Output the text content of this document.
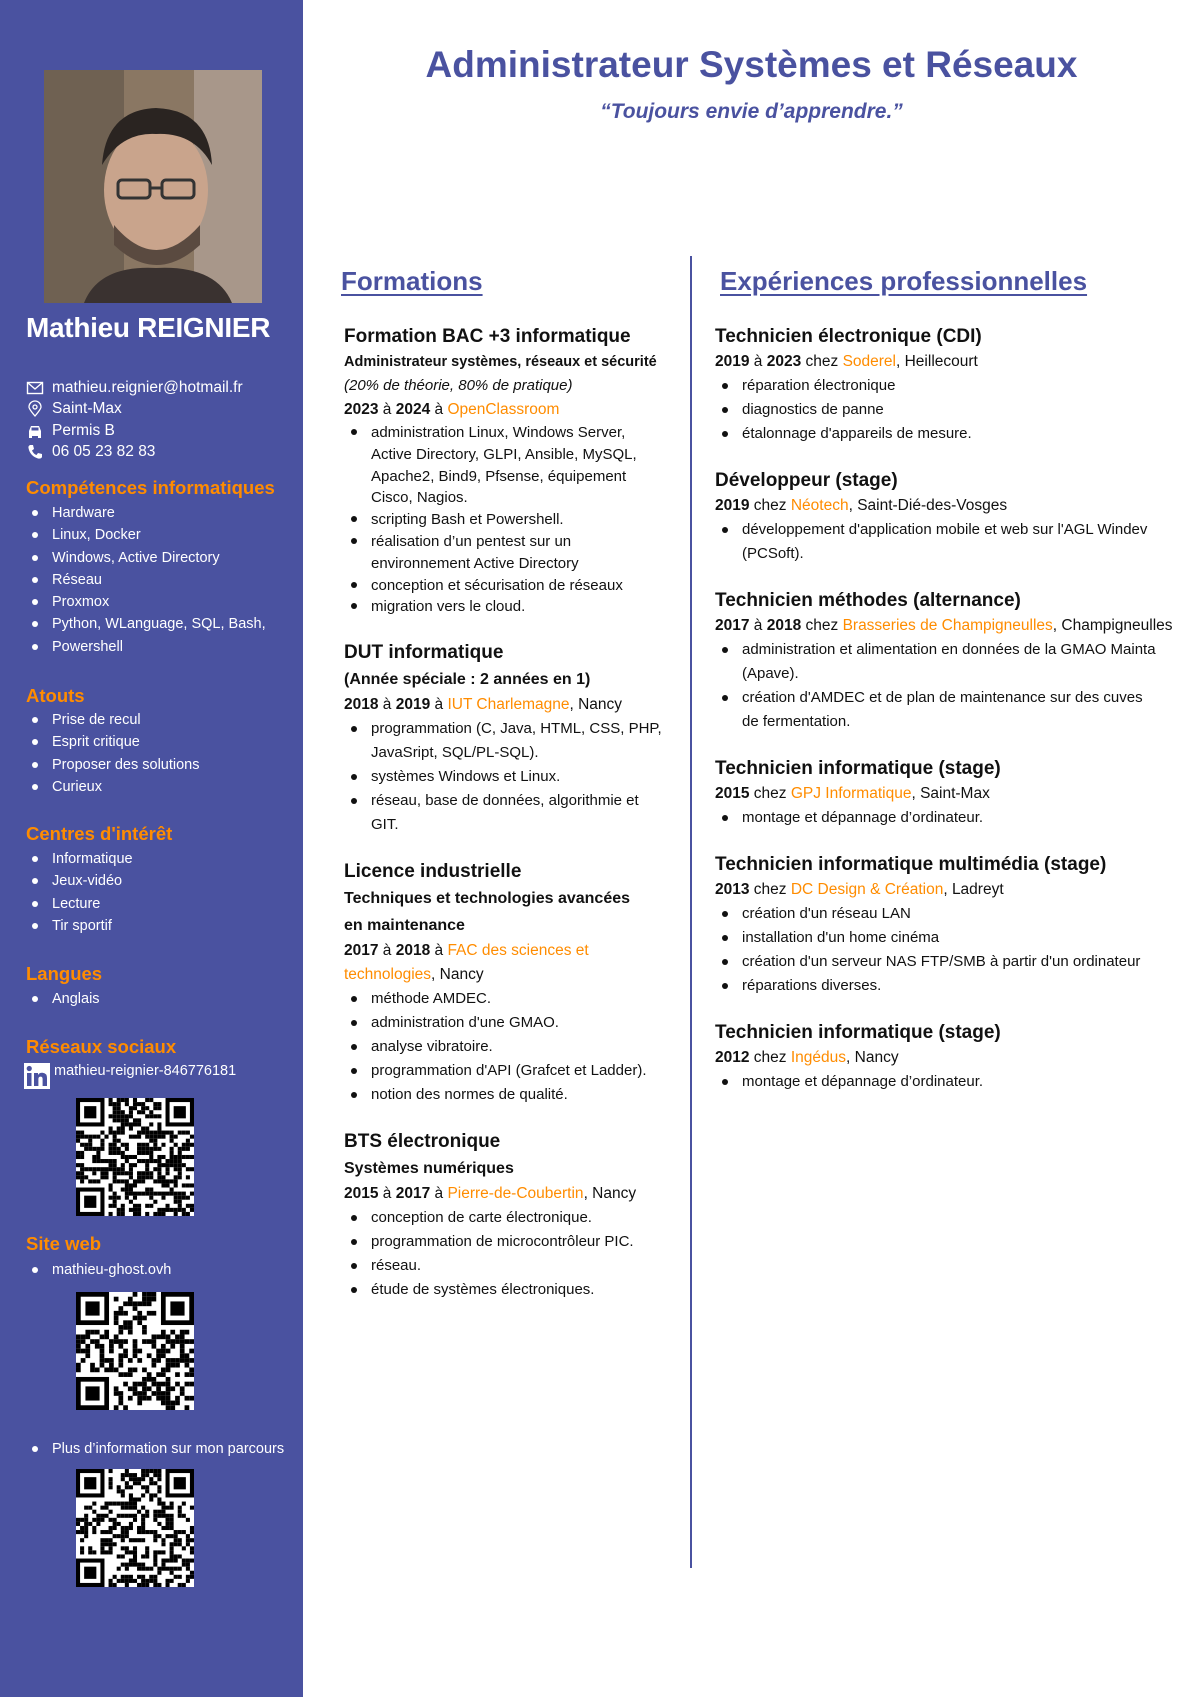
Mathieu REIGNIER
mathieu.reignier@hotmail.fr
Saint-Max
Permis B
06 05 23 82 83
Compétences informatiques
Hardware
Linux, Docker
Windows, Active Directory
Réseau
Proxmox
Python, WLanguage, SQL, Bash,
Powershell
Atouts
Prise de recul
Esprit critique
Proposer des solutions
Curieux
Centres d'intérêt
Informatique
Jeux-vidéo
Lecture
Tir sportif
Langues
Anglais
Réseaux sociaux
mathieu-reignier-846776181
Site web
mathieu-ghost.ovh
Plus d’information sur mon parcours
Administrateur Systèmes et Réseaux
“Toujours envie d’apprendre.”
Formations	Expériences professionnelles
Formation BAC +3 informatique
Administrateur systèmes, réseaux et sécurité
(20% de théorie, 80% de pratique)
2023 à 2024 à OpenClassroom
administration Linux, Windows Server,
Active Directory, GLPI, Ansible, MySQL,
Apache2, Bind9, Pfsense, équipement
Cisco, Nagios.
scripting Bash et Powershell.
réalisation d’un pentest sur un
environnement Active Directory
conception et sécurisation de réseaux
migration vers le cloud.
DUT informatique
(Année spéciale : 2 années en 1)
2018 à 2019 à IUT Charlemagne, Nancy
programmation (C, Java, HTML, CSS, PHP,
JavaSript, SQL/PL-SQL).
systèmes Windows et Linux.
réseau, base de données, algorithmie et
GIT.
Licence industrielle
Techniques et technologies avancées
en maintenance
2017 à 2018 à FAC des sciences et
technologies, Nancy
méthode AMDEC.
administration d'une GMAO.
analyse vibratoire.
programmation d'API (Grafcet et Ladder).
notion des normes de qualité.
BTS électronique
Systèmes numériques
2015 à 2017 à Pierre-de-Coubertin, Nancy
conception de carte électronique.
programmation de microcontrôleur PIC.
réseau.
étude de systèmes électroniques.
Technicien électronique (CDI)
2019 à 2023 chez Soderel, Heillecourt
réparation électronique
diagnostics de panne
étalonnage d'appareils de mesure.
Développeur (stage)
2019 chez Néotech, Saint-Dié-des-Vosges
développement d'application mobile et web sur l'AGL Windev
(PCSoft).
Technicien méthodes (alternance)
2017 à 2018 chez Brasseries de Champigneulles, Champigneulles
administration et alimentation en données de la GMAO Mainta
(Apave).
création d'AMDEC et de plan de maintenance sur des cuves
de fermentation.
Technicien informatique (stage)
2015 chez GPJ Informatique, Saint-Max
montage et dépannage d’ordinateur.
Technicien informatique multimédia (stage)
2013 chez DC Design & Création, Ladreyt
création d'un réseau LAN
installation d'un home cinéma
création d'un serveur NAS FTP/SMB à partir d'un ordinateur
réparations diverses.
Technicien informatique (stage)
2012 chez Ingédus, Nancy
montage et dépannage d’ordinateur.
